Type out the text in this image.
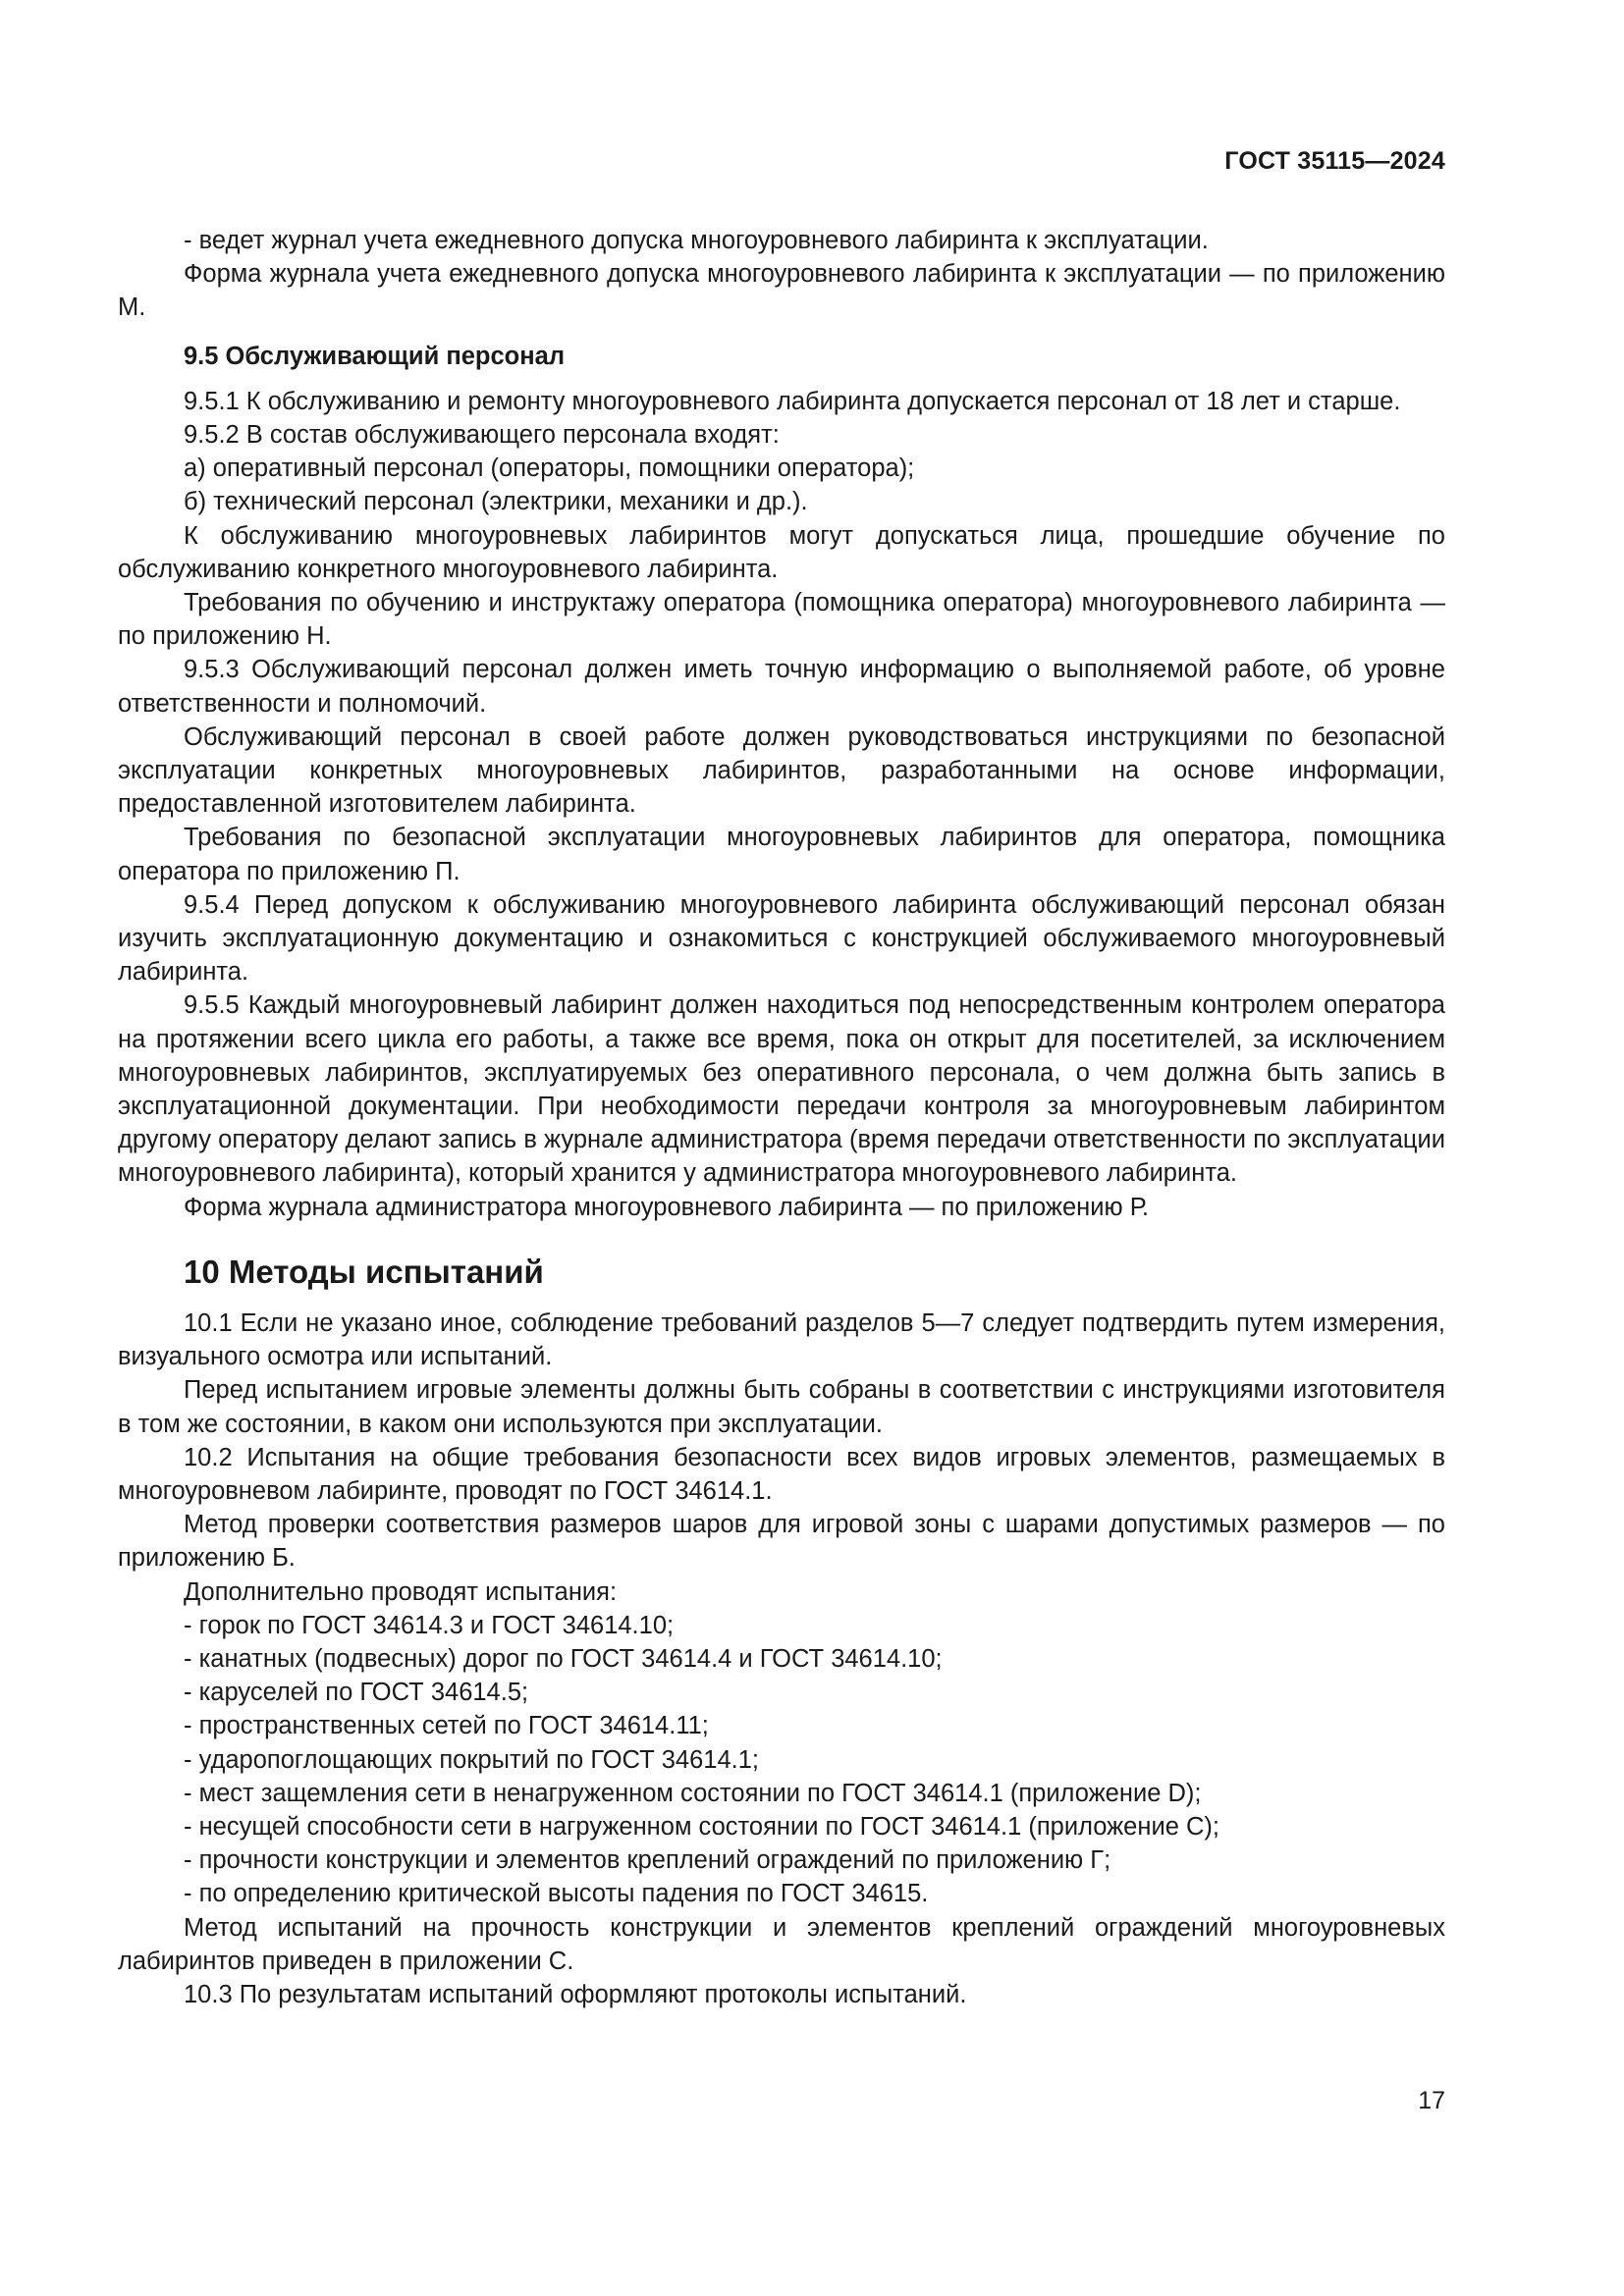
ГОСТ 35115—2024

- ведет журнал учета ежедневного допуска многоуровневого лабиринта к эксплуатации.

Форма журнала учета ежедневного допуска многоуровневого лабиринта к эксплуатации — по приложению М.

9.5 Обслуживающий персонал

9.5.1 К обслуживанию и ремонту многоуровневого лабиринта допускается персонал от 18 лет и старше.

9.5.2 В состав обслуживающего персонала входят:

а) оперативный персонал (операторы, помощники оператора);

б) технический персонал (электрики, механики и др.).

К обслуживанию многоуровневых лабиринтов могут допускаться лица, прошедшие обучение по обслуживанию конкретного многоуровневого лабиринта.

Требования по обучению и инструктажу оператора (помощника оператора) многоуровневого лабиринта — по приложению Н.

9.5.3 Обслуживающий персонал должен иметь точную информацию о выполняемой работе, об уровне ответственности и полномочий.

Обслуживающий персонал в своей работе должен руководствоваться инструкциями по безопасной эксплуатации конкретных многоуровневых лабиринтов, разработанными на основе информации, предоставленной изготовителем лабиринта.

Требования по безопасной эксплуатации многоуровневых лабиринтов для оператора, помощника оператора по приложению П.

9.5.4 Перед допуском к обслуживанию многоуровневого лабиринта обслуживающий персонал обязан изучить эксплуатационную документацию и ознакомиться с конструкцией обслуживаемого многоуровневый лабиринта.

9.5.5 Каждый многоуровневый лабиринт должен находиться под непосредственным контролем оператора на протяжении всего цикла его работы, а также все время, пока он открыт для посетителей, за исключением многоуровневых лабиринтов, эксплуатируемых без оперативного персонала, о чем должна быть запись в эксплуатационной документации. При необходимости передачи контроля за многоуровневым лабиринтом другому оператору делают запись в журнале администратора (время передачи ответственности по эксплуатации многоуровневого лабиринта), который хранится у администратора многоуровневого лабиринта.

Форма журнала администратора многоуровневого лабиринта — по приложению Р.

10 Методы испытаний

10.1 Если не указано иное, соблюдение требований разделов 5—7 следует подтвердить путем измерения, визуального осмотра или испытаний.

Перед испытанием игровые элементы должны быть собраны в соответствии с инструкциями изготовителя в том же состоянии, в каком они используются при эксплуатации.

10.2 Испытания на общие требования безопасности всех видов игровых элементов, размещаемых в многоуровневом лабиринте, проводят по ГОСТ 34614.1.

Метод проверки соответствия размеров шаров для игровой зоны с шарами допустимых размеров — по приложению Б.

Дополнительно проводят испытания:

- горок по ГОСТ 34614.3 и ГОСТ 34614.10;

- канатных (подвесных) дорог по ГОСТ 34614.4 и ГОСТ 34614.10;

- каруселей по ГОСТ 34614.5;

- пространственных сетей по ГОСТ 34614.11;

- ударопоглощающих покрытий по ГОСТ 34614.1;

- мест защемления сети в ненагруженном состоянии по ГОСТ 34614.1 (приложение D);

- несущей способности сети в нагруженном состоянии по ГОСТ 34614.1 (приложение С);

- прочности конструкции и элементов креплений ограждений по приложению Г;

- по определению критической высоты падения по ГОСТ 34615.

Метод испытаний на прочность конструкции и элементов креплений ограждений многоуровневых лабиринтов приведен в приложении С.

10.3 По результатам испытаний оформляют протоколы испытаний.

17
